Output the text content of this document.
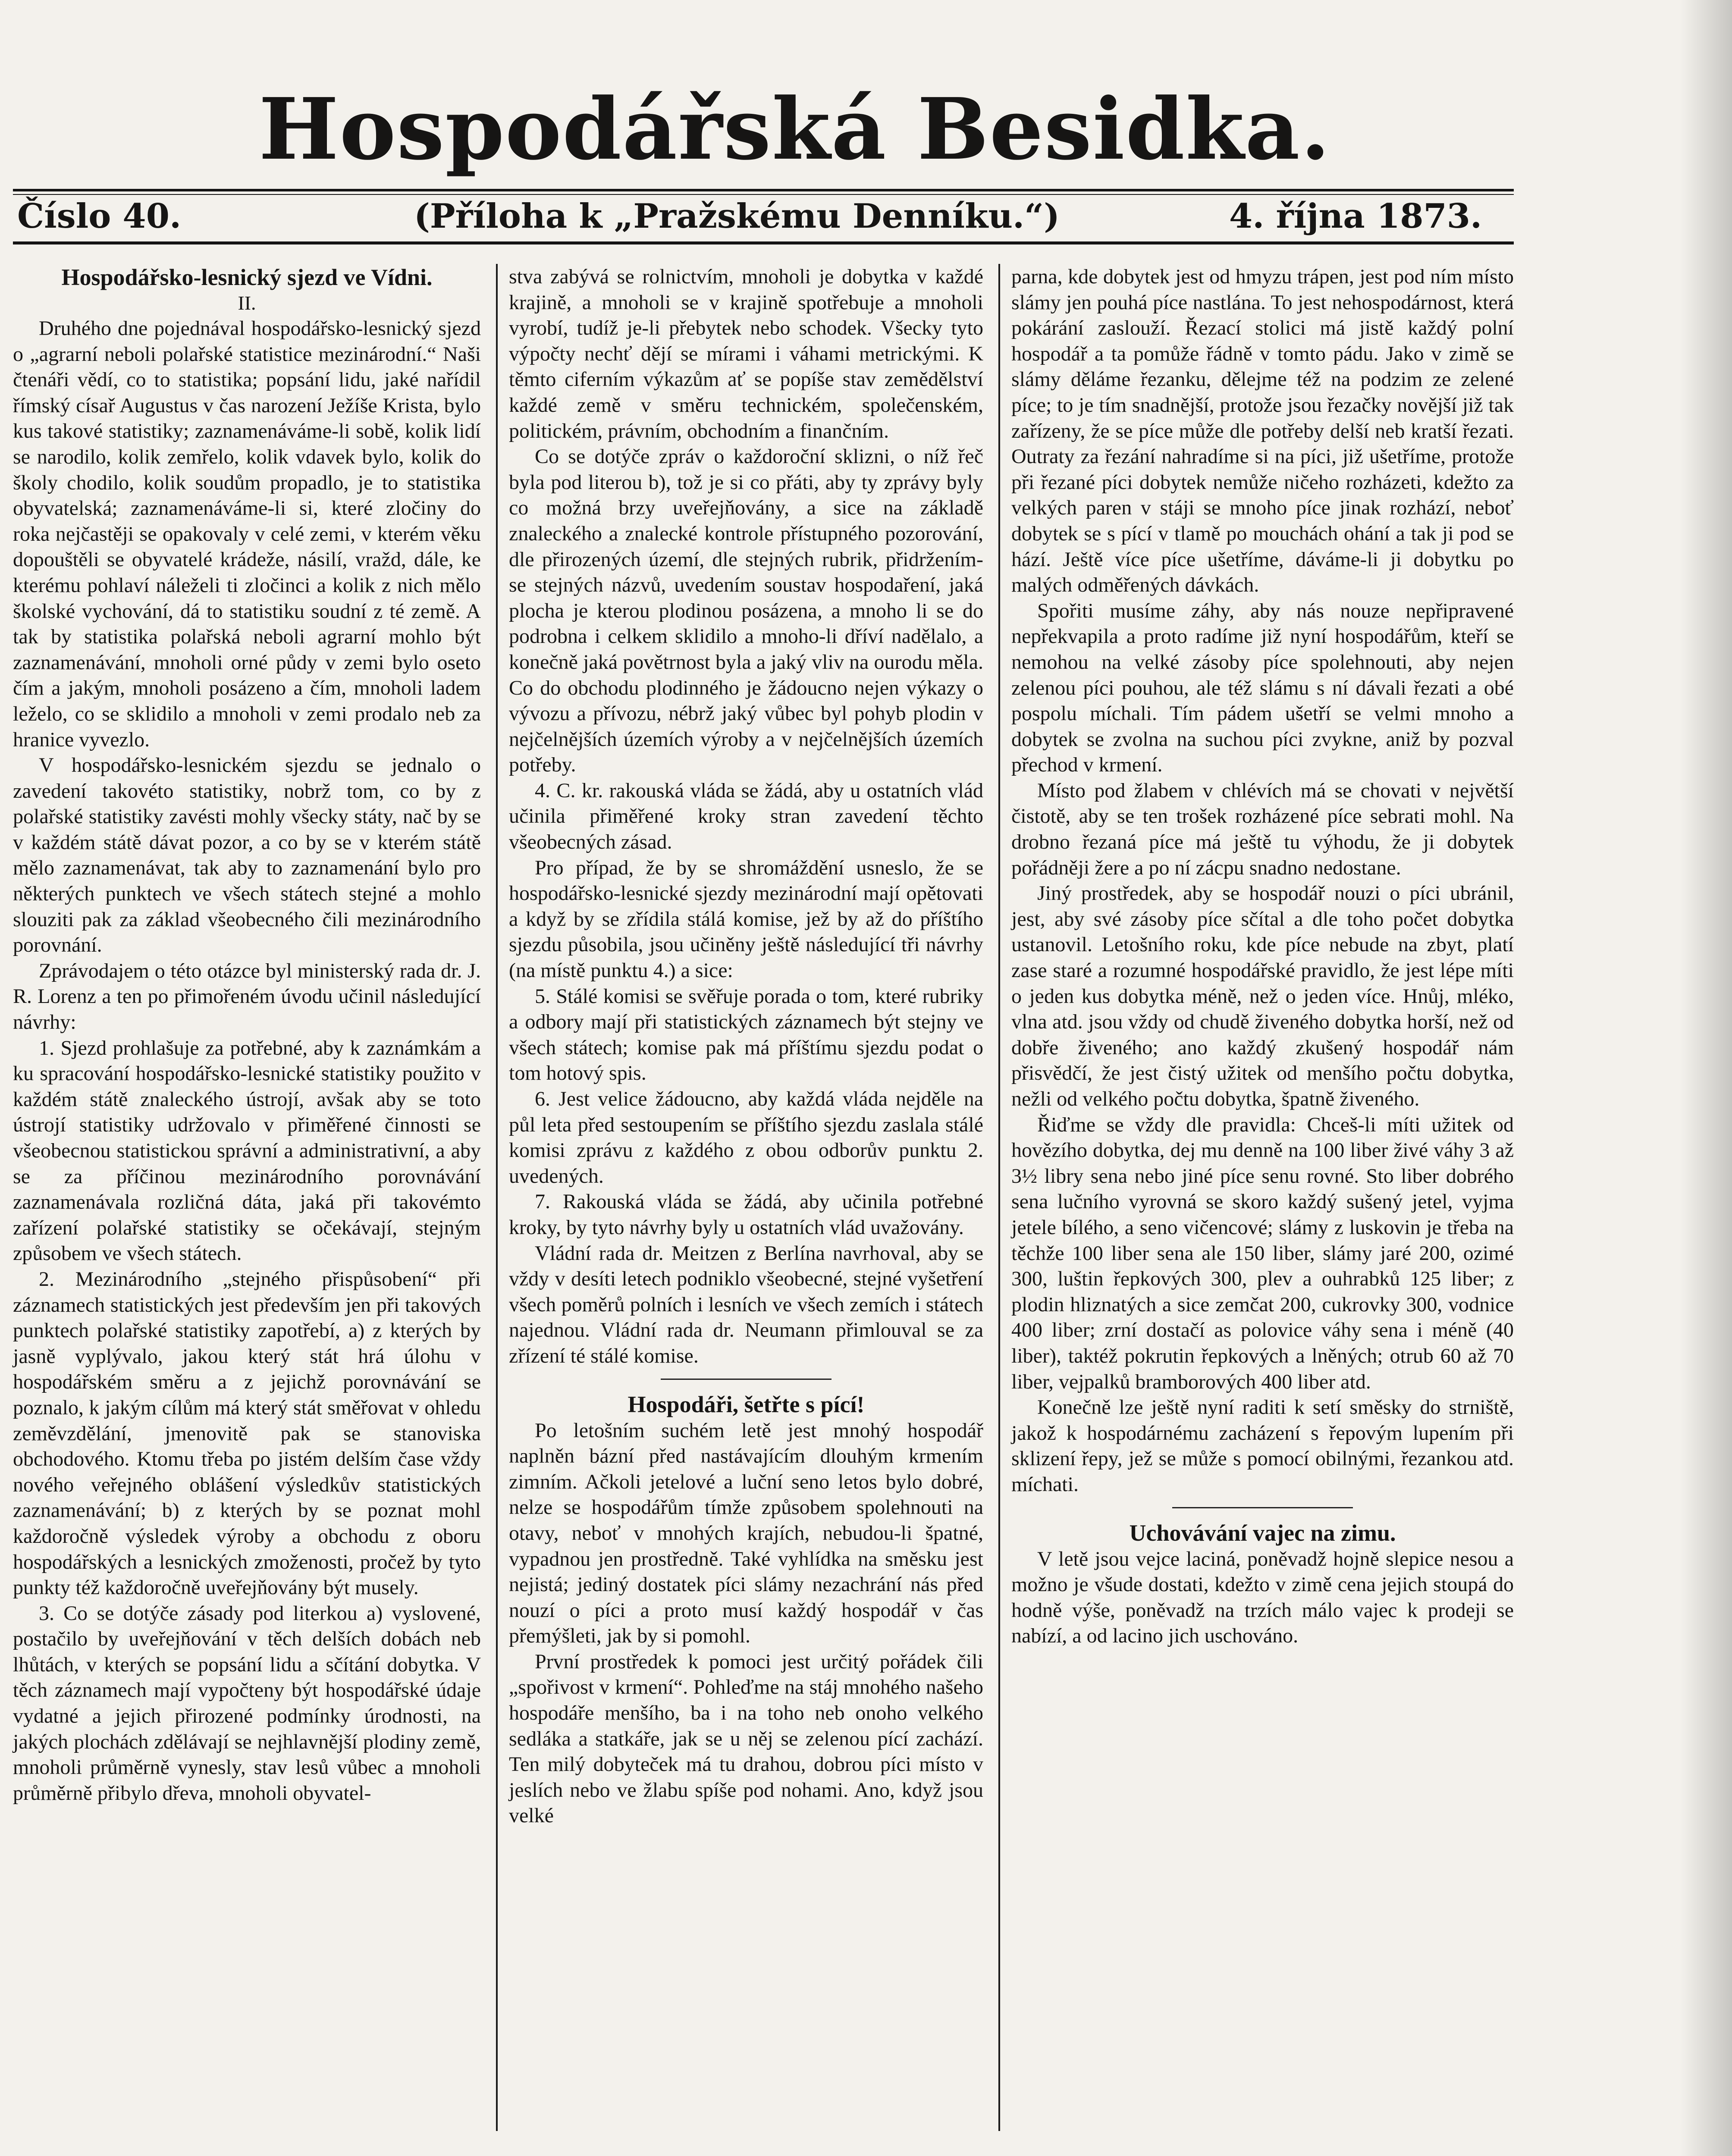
Hospodářská Besidka.
Číslo 40.	(Příloha k „Pražskému Denníku.“)	4. října 1873.
Hospodářsko-lesnický sjezd ve Vídni.
II.

Druhého dne pojednával hospodářsko-lesnický sjezd o „agrarní neboli polařské statistice mezinárodní.“ Naši čtenáři vědí, co to statistika; popsání lidu, jaké nařídil římský císař Augustus v čas narození Ježíše Krista, bylo kus takové statistiky; zaznamenáváme-li sobě, kolik lidí se narodilo, kolik zemřelo, kolik vdavek bylo, kolik do školy chodilo, kolik soudům propadlo, je to statistika obyvatelská; zaznamenáváme-li si, které zločiny do roka nejčastěji se opakovaly v celé zemi, v kterém věku dopouštěli se obyvatelé krádeže, násilí, vražd, dále, ke kterému pohlaví náleželi ti zločinci a kolik z nich mělo školské vychování, dá to statistiku soudní z té země. A tak by statistika polařská neboli agrarní mohlo být zaznamenávání, mnoholi orné půdy v zemi bylo oseto čím a jakým, mnoholi posázeno a čím, mnoholi ladem leželo, co se sklidilo a mnoholi v zemi prodalo neb za hranice vyvezlo.

V hospodářsko-lesnickém sjezdu se jednalo o zavedení takovéto statistiky, nobrž tom, co by z polařské statistiky zavésti mohly všecky státy, nač by se v každém státě dávat pozor, a co by se v kterém státě mělo zaznamenávat, tak aby to zaznamenání bylo pro některých punktech ve všech státech stejné a mohlo slouziti pak za základ všeobecného čili mezinárodního porovnání.

Zprávodajem o této otázce byl ministerský rada dr. J. R. Lorenz a ten po přimořeném úvodu učinil následující návrhy:

1. Sjezd prohlašuje za potřebné, aby k zaznámkám a ku spracování hospodářsko-lesnické statistiky použito v každém státě znaleckého ústrojí, avšak aby se toto ústrojí statistiky udržovalo v přiměřené činnosti se všeobecnou statistickou správní a administrativní, a aby se za příčinou mezinárodního porovnávání zaznamenávala rozličná dáta, jaká při takovémto zařízení polařské statistiky se očekávají, stejným způsobem ve všech státech.

2. Mezinárodního „stejného přispůsobení“ při záznamech statistických jest především jen při takových punktech polařské statistiky zapotřebí, a) z kterých by jasně vyplývalo, jakou který stát hrá úlohu v hospodářském směru a z jejichž porovnávání se poznalo, k jakým cílům má který stát směřovat v ohledu zeměvzdělání, jmenovitě pak se stanoviska obchodového. Ktomu třeba po jistém delším čase vždy nového veřejného oblášení výsledkův statistických zaznamenávání; b) z kterých by se poznat mohl každoročně výsledek výroby a obchodu z oboru hospodářských a lesnických zmoženosti, pročež by tyto punkty též každoročně uveřejňovány být musely.

3. Co se dotýče zásady pod literkou a) vyslovené, postačilo by uveřejňování v těch delších dobách neb lhůtách, v kterých se popsání lidu a sčítání dobytka. V těch záznamech mají vypočteny být hospodářské údaje vydatné a jejich přirozené podmínky úrodnosti, na jakých plochách zdělávají se nejhlavnější plodiny země, mnoholi průměrně vynesly, stav lesů vůbec a mnoholi průměrně přibylo dřeva, mnoholi obyvatel-

stva zabývá se rolnictvím, mnoholi je dobytka v každé krajině, a mnoholi se v krajině spotřebuje a mnoholi vyrobí, tudíž je-li přebytek nebo schodek. Všecky tyto výpočty nechť dějí se mírami i váhami metrickými. K těmto ciferním výkazům ať se popíše stav zemědělství každé země v směru technickém, společenském, politickém, právním, obchodním a finančním.

Co se dotýče zpráv o každoroční sklizni, o níž řeč byla pod literou b), tož je si co přáti, aby ty zprávy byly co možná brzy uveřejňovány, a sice na základě znaleckého a znalecké kontrole přístupného pozorování, dle přirozených území, dle stejných rubrik, přidržením-se stejných názvů, uvedením soustav hospodaření, jaká plocha je kterou plodinou posázena, a mnoho li se do podrobna i celkem sklidilo a mnoho-li dříví nadělalo, a konečně jaká povětrnost byla a jaký vliv na ourodu měla. Co do obchodu plodinného je žádoucno nejen výkazy o vývozu a přívozu, nébrž jaký vůbec byl pohyb plodin v nejčelnějších územích výroby a v nejčelnějších územích potřeby.

4. C. kr. rakouská vláda se žádá, aby u ostatních vlád učinila přiměřené kroky stran zavedení těchto všeobecných zásad.

Pro případ, že by se shromáždění usneslo, že se hospodářsko-lesnické sjezdy mezinárodní mají opětovati a když by se zřídila stálá komise, jež by až do příštího sjezdu působila, jsou učiněny ještě následující tři návrhy (na místě punktu 4.) a sice:

5. Stálé komisi se svěřuje porada o tom, které rubriky a odbory mají při statistických záznamech být stejny ve všech státech; komise pak má příštímu sjezdu podat o tom hotový spis.

6. Jest velice žádoucno, aby každá vláda nejděle na půl leta před sestoupením se příštího sjezdu zaslala stálé komisi zprávu z každého z obou odborův punktu 2. uvedených.

7. Rakouská vláda se žádá, aby učinila potřebné kroky, by tyto návrhy byly u ostatních vlád uvažovány.

Vládní rada dr. Meitzen z Berlína navrhoval, aby se vždy v desíti letech podniklo všeobecné, stejné vyšetření všech poměrů polních i lesních ve všech zemích i státech najednou. Vládní rada dr. Neumann přimlouval se za zřízení té stálé komise.

Hospodáři, šetřte s pící!

Po letošním suchém letě jest mnohý hospodář naplněn bázní před nastávajícím dlouhým krmením zimním. Ačkoli jetelové a luční seno letos bylo dobré, nelze se hospodářům tímže způsobem spolehnouti na otavy, neboť v mnohých krajích, nebudou-li špatné, vypadnou jen prostředně. Také vyhlídka na směsku jest nejistá; jediný dostatek píci slámy nezachrání nás před nouzí o píci a proto musí každý hospodář v čas přemýšleti, jak by si pomohl.

První prostředek k pomoci jest určitý pořádek čili „spořivost v krmení“. Pohleďme na stáj mnohého našeho hospodáře menšího, ba i na toho neb onoho velkého sedláka a statkáře, jak se u něj se zelenou pící zachází. Ten milý dobyteček má tu drahou, dobrou píci místo v jeslích nebo ve žlabu spíše pod nohami. Ano, když jsou velké

parna, kde dobytek jest od hmyzu trápen, jest pod ním místo slámy jen pouhá píce nastlána. To jest nehospodárnost, která pokárání zaslouží. Řezací stolici má jistě každý polní hospodář a ta pomůže řádně v tomto pádu. Jako v zimě se slámy děláme řezanku, dělejme též na podzim ze zelené píce; to je tím snadnější, protože jsou řezačky novější již tak zařízeny, že se píce může dle potřeby delší neb kratší řezati. Outraty za řezání nahradíme si na píci, již ušetříme, protože při řezané píci dobytek nemůže ničeho rozházeti, kdežto za velkých paren v stáji se mnoho píce jinak rozhází, neboť dobytek se s pící v tlamě po mouchách ohání a tak ji pod se hází. Ještě více píce ušetříme, dáváme-li ji dobytku po malých odměřených dávkách.

Spořiti musíme záhy, aby nás nouze nepřipravené nepřekvapila a proto radíme již nyní hospodářům, kteří se nemohou na velké zásoby píce spolehnouti, aby nejen zelenou píci pouhou, ale též slámu s ní dávali řezati a obé pospolu míchali. Tím pádem ušetří se velmi mnoho a dobytek se zvolna na suchou píci zvykne, aniž by pozval přechod v krmení.

Místo pod žlabem v chlévích má se chovati v největší čistotě, aby se ten trošek rozházené píce sebrati mohl. Na drobno řezaná píce má ještě tu výhodu, že ji dobytek pořádněji žere a po ní zácpu snadno nedostane.

Jiný prostředek, aby se hospodář nouzi o píci ubránil, jest, aby své zásoby píce sčítal a dle toho počet dobytka ustanovil. Letošního roku, kde píce nebude na zbyt, platí zase staré a rozumné hospodářské pravidlo, že jest lépe míti o jeden kus dobytka méně, než o jeden více. Hnůj, mléko, vlna atd. jsou vždy od chudě živeného dobytka horší, než od dobře živeného; ano každý zkušený hospodář nám přisvědčí, že jest čistý užitek od menšího počtu dobytka, nežli od velkého počtu dobytka, špatně živeného.

Řiďme se vždy dle pravidla: Chceš-li míti užitek od hovězího dobytka, dej mu denně na 100 liber živé váhy 3 až 3½ libry sena nebo jiné píce senu rovné. Sto liber dobrého sena lučního vyrovná se skoro každý sušený jetel, vyjma jetele bílého, a seno vičencové; slámy z luskovin je třeba na těchže 100 liber sena ale 150 liber, slámy jaré 200, ozimé 300, luštin řepkových 300, plev a ouhrabků 125 liber; z plodin hliznatých a sice zemčat 200, cukrovky 300, vodnice 400 liber; zrní dostačí as polovice váhy sena i méně (40 liber), taktéž pokrutin řepkových a lněných; otrub 60 až 70 liber, vejpalků bramborových 400 liber atd.

Konečně lze ještě nyní raditi k setí směsky do strniště, jakož k hospodárnému zacházení s řepovým lupením při sklizení řepy, jež se může s pomocí obilnými, řezankou atd. míchati.

Uchovávání vajec na zimu.

V letě jsou vejce laciná, poněvadž hojně slepice nesou a možno je všude dostati, kdežto v zimě cena jejich stoupá do hodně výše, poněvadž na trzích málo vajec k prodeji se nabízí, a od lacino jich uschováno.
